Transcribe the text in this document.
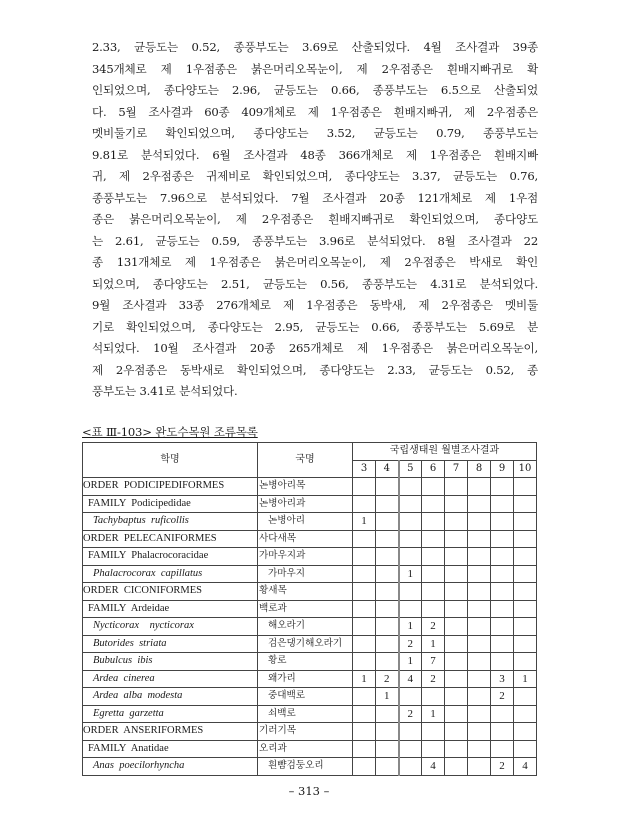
2.33, 균등도는 0.52, 종풍부도는 3.69로 산출되었다. 4월 조사결과 39종
345개체로 제 1우점종은 붉은머리오목눈이, 제 2우점종은 흰배지빠귀로 확
인되었으며, 종다양도는 2.96, 균등도는 0.66, 종풍부도는 6.5으로 산출되었
다. 5월 조사결과 60종 409개체로 제 1우점종은 흰배지빠귀, 제 2우점종은
멧비둘기로 확인되었으며, 종다양도는 3.52, 균등도는 0.79, 종풍부도는
9.81로 분석되었다. 6월 조사결과 48종 366개체로 제 1우점종은 흰배지빠
귀, 제 2우점종은 귀제비로 확인되었으며, 종다양도는 3.37, 균등도는 0.76,
종풍부도는 7.96으로 분석되었다. 7월 조사결과 20종 121개체로 제 1우점
종은 붉은머리오목눈이, 제 2우점종은 흰배지빠귀로 확인되었으며, 종다양도
는 2.61, 균등도는 0.59, 종풍부도는 3.96로 분석되었다. 8월 조사결과 22
종 131개체로 제 1우점종은 붉은머리오목눈이, 제 2우점종은 박새로 확인
되었으며, 종다양도는 2.51, 균등도는 0.56, 종풍부도는 4.31로 분석되었다.
9월 조사결과 33종 276개체로 제 1우점종은 동박새, 제 2우점종은 멧비둘
기로 확인되었으며, 종다양도는 2.95, 균등도는 0.66, 종풍부도는 5.69로 분
석되었다. 10월 조사결과 20종 265개체로 제 1우점종은 붉은머리오목눈이,
제 2우점종은 동박새로 확인되었으며, 종다양도는 2.33, 균등도는 0.52, 종
풍부도는 3.41로 분석되었다.
<표 Ⅲ-103> 완도수목원 조류목록
학명	국명	국립생태원 월별조사결과							
		3	4	5	6	7	8	9	10
ORDER  PODICIPEDIFORMES	논병아리목								
FAMILY  Podicipedidae	논병아리과								
Tachybaptus  ruficollis	논병아리	1							
ORDER  PELECANIFORMES	사다새목								
FAMILY  Phalacrocoracidae	가마우지과								
Phalacrocorax  capillatus	가마우지			1					
ORDER  CICONIFORMES	황새목								
FAMILY  Ardeidae	백로과								
Nycticorax    nycticorax	해오라기			1	2				
Butorides  striata	검은댕기해오라기			2	1				
Bubulcus  ibis	황로			1	7				
Ardea  cinerea	왜가리	1	2	4	2			3	1
Ardea  alba  modesta	중대백로		1					2	
Egretta  garzetta	쇠백로			2	1				
ORDER  ANSERIFORMES	기러기목								
FAMILY  Anatidae	오리과								
Anas  poecilorhyncha	흰뺨검둥오리				4			2	4
– 313 –
